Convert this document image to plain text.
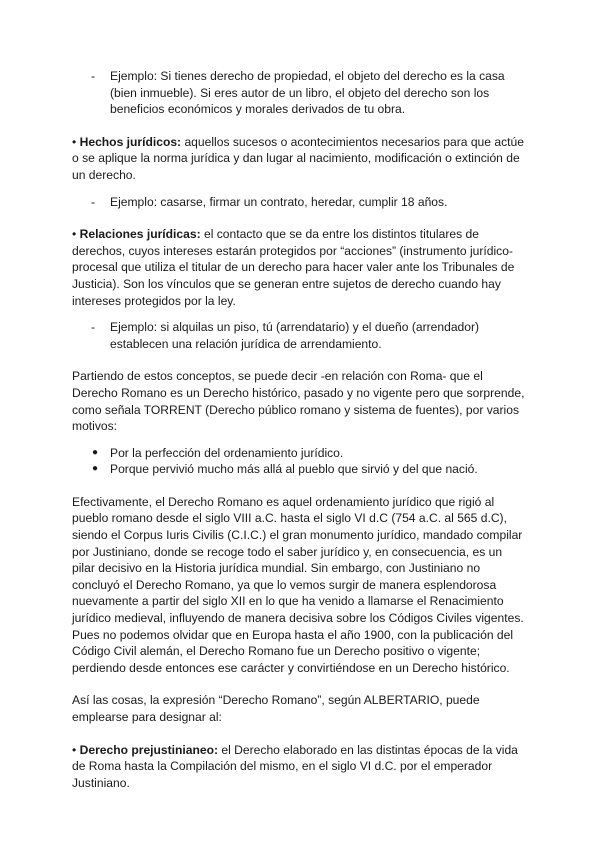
- Ejemplo: Si tienes derecho de propiedad, el objeto del derecho es la casa (bien inmueble). Si eres autor de un libro, el objeto del derecho son los beneficios económicos y morales derivados de tu obra.

• Hechos jurídicos: aquellos sucesos o acontecimientos necesarios para que actúe o se aplique la norma jurídica y dan lugar al nacimiento, modificación o extinción de un derecho.

- Ejemplo: casarse, firmar un contrato, heredar, cumplir 18 años.

• Relaciones jurídicas: el contacto que se da entre los distintos titulares de derechos, cuyos intereses estarán protegidos por “acciones” (instrumento jurídico-procesal que utiliza el titular de un derecho para hacer valer ante los Tribunales de Justicia). Son los vínculos que se generan entre sujetos de derecho cuando hay intereses protegidos por la ley.

- Ejemplo: si alquilas un piso, tú (arrendatario) y el dueño (arrendador) establecen una relación jurídica de arrendamiento.

Partiendo de estos conceptos, se puede decir -en relación con Roma- que el Derecho Romano es un Derecho histórico, pasado y no vigente pero que sorprende, como señala TORRENT (Derecho público romano y sistema de fuentes), por varios motivos:

● Por la perfección del ordenamiento jurídico.
● Porque pervivió mucho más allá al pueblo que sirvió y del que nació.

Efectivamente, el Derecho Romano es aquel ordenamiento jurídico que rigió al pueblo romano desde el siglo VIII a.C. hasta el siglo VI d.C (754 a.C. al 565 d.C), siendo el Corpus Iuris Civilis (C.I.C.) el gran monumento jurídico, mandado compilar por Justiniano, donde se recoge todo el saber jurídico y, en consecuencia, es un pilar decisivo en la Historia jurídica mundial. Sin embargo, con Justiniano no concluyó el Derecho Romano, ya que lo vemos surgir de manera esplendorosa nuevamente a partir del siglo XII en lo que ha venido a llamarse el Renacimiento jurídico medieval, influyendo de manera decisiva sobre los Códigos Civiles vigentes. Pues no podemos olvidar que en Europa hasta el año 1900, con la publicación del Código Civil alemán, el Derecho Romano fue un Derecho positivo o vigente; perdiendo desde entonces ese carácter y convirtiéndose en un Derecho histórico.

Así las cosas, la expresión “Derecho Romano”, según ALBERTARIO, puede emplearse para designar al:

• Derecho prejustinianeo: el Derecho elaborado en las distintas épocas de la vida de Roma hasta la Compilación del mismo, en el siglo VI d.C. por el emperador Justiniano.
